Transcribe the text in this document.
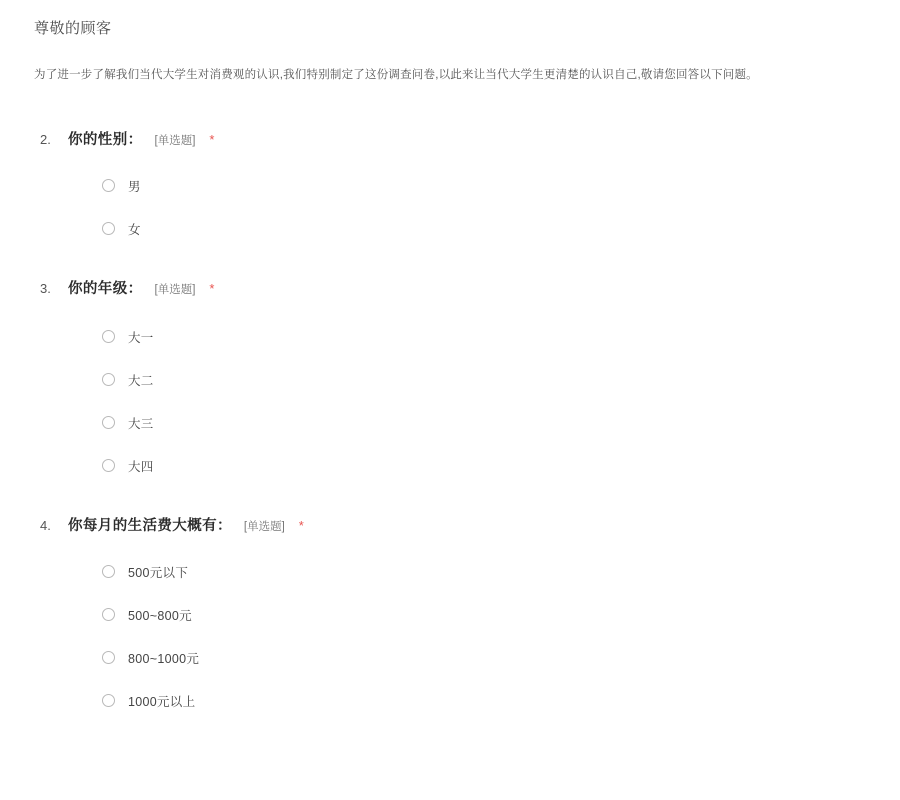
尊敬的顾客

为了进一步了解我们当代大学生对消费观的认识,我们特别制定了这份调查问卷,以此来让当代大学生更清楚的认识自己,敬请您回答以下问题。

2.	你的性别： [单选题] *
男
女
3.	你的年级： [单选题] *
大一
大二
大三
大四
4.	你每月的生活费大概有： [单选题] *
500元以下
500~800元
800~1000元
1000元以上
